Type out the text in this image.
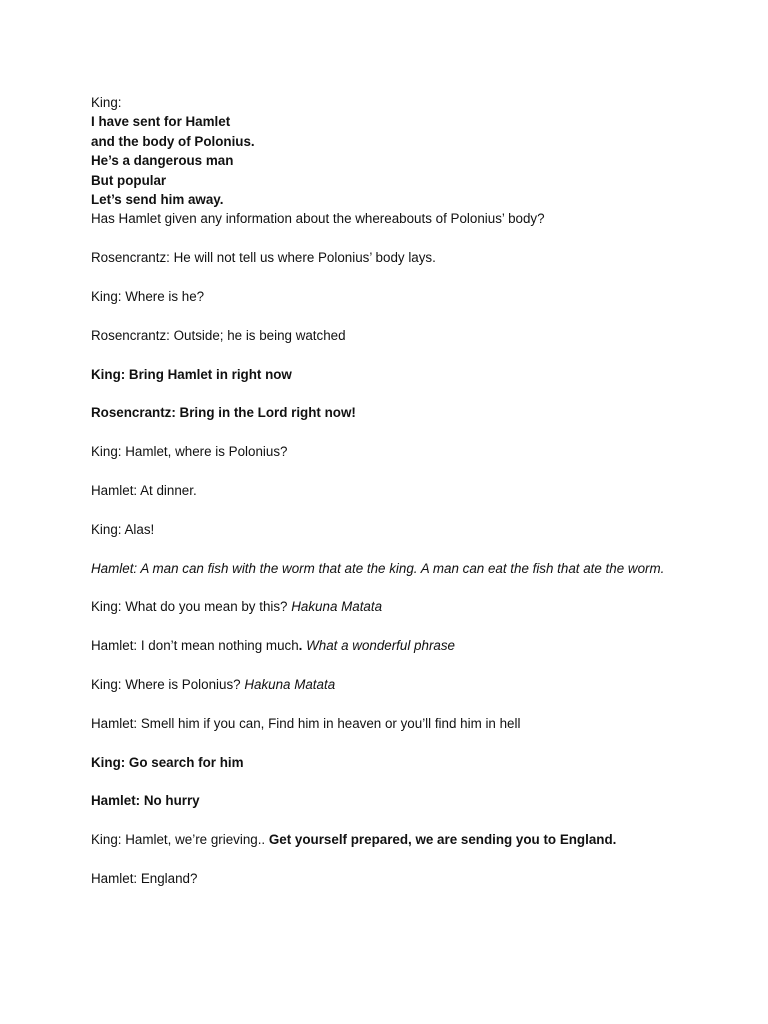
King:

I have sent for Hamlet

and the body of Polonius.

He’s a dangerous man

But popular

Let’s send him away.

Has Hamlet given any information about the whereabouts of Polonius’ body?

Rosencrantz: He will not tell us where Polonius’ body lays.

King: Where is he?

Rosencrantz: Outside; he is being watched

King: Bring Hamlet in right now

Rosencrantz: Bring in the Lord right now!

King: Hamlet, where is Polonius?

Hamlet: At dinner.

King: Alas!

Hamlet: A man can fish with the worm that ate the king. A man can eat the fish that ate the worm.

King: What do you mean by this? Hakuna Matata

Hamlet: I don’t mean nothing much. What a wonderful phrase

King: Where is Polonius? Hakuna Matata

Hamlet: Smell him if you can, Find him in heaven or you’ll find him in hell

King: Go search for him

Hamlet: No hurry

King: Hamlet, we’re grieving.. Get yourself prepared, we are sending you to England.

Hamlet: England?
